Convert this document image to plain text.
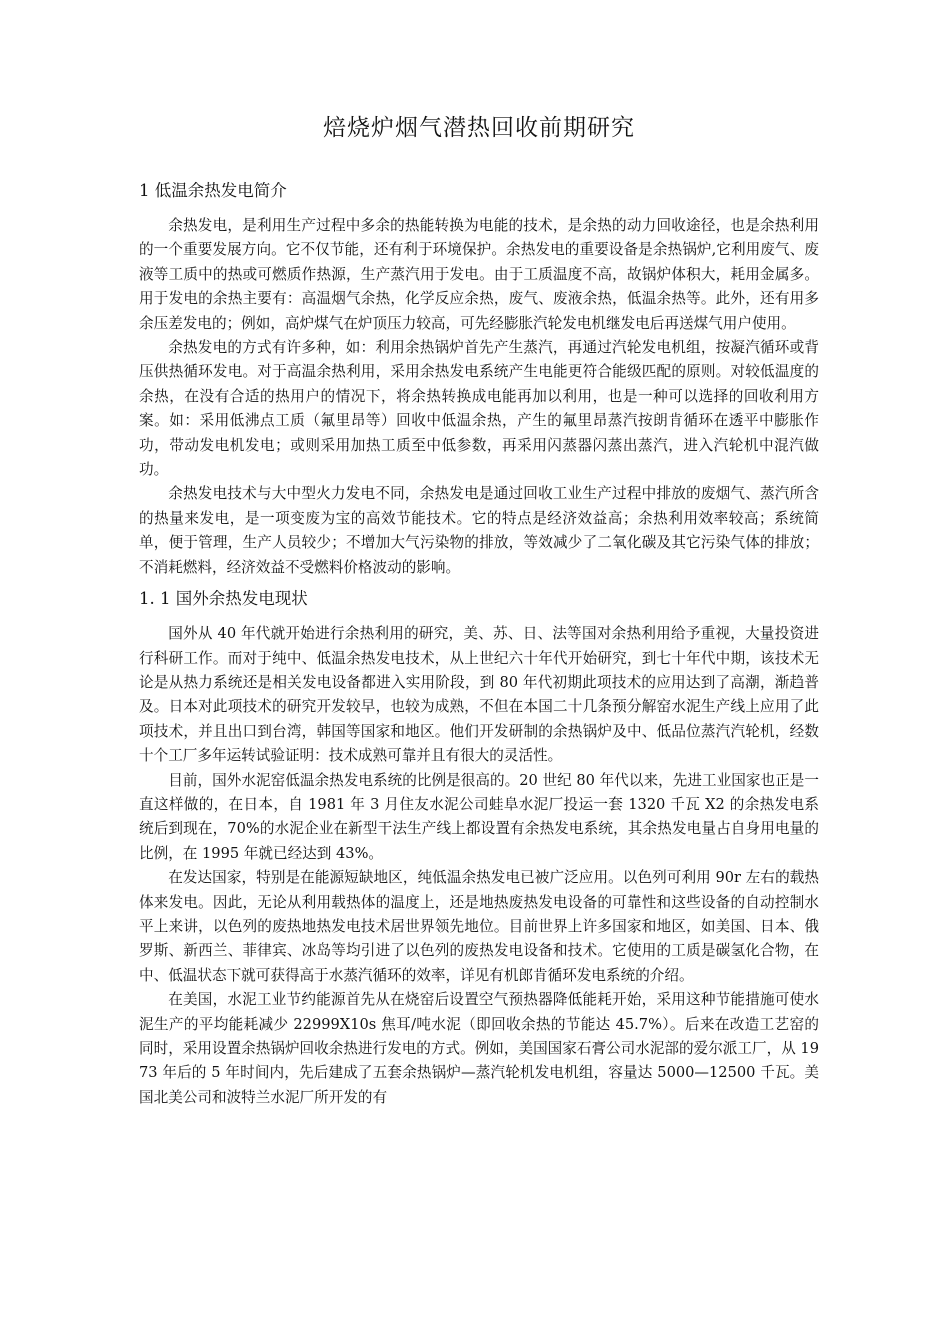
焙烧炉烟气潜热回收前期研究
1 低温余热发电简介

余热发电，是利用生产过程中多余的热能转换为电能的技术，是余热的动力回收途径，也是余热利用的一个重要发展方向。它不仅节能，还有利于环境保护。余热发电的重要设备是余热锅炉,它利用废气、废液等工质中的热或可燃质作热源，生产蒸汽用于发电。由于工质温度不高，故锅炉体积大，耗用金属多。用于发电的余热主要有：高温烟气余热，化学反应余热，废气、废液余热，低温余热等。此外，还有用多余压差发电的；例如，高炉煤气在炉顶压力较高，可先经膨胀汽轮发电机继发电后再送煤气用户使用。

余热发电的方式有许多种，如：利用余热锅炉首先产生蒸汽，再通过汽轮发电机组，按凝汽循环或背压供热循环发电。对于高温余热利用，采用余热发电系统产生电能更符合能级匹配的原则。对较低温度的余热，在没有合适的热用户的情况下，将余热转换成电能再加以利用，也是一种可以选择的回收利用方案。如：采用低沸点工质（氟里昂等）回收中低温余热，产生的氟里昂蒸汽按朗肯循环在透平中膨胀作功，带动发电机发电；或则采用加热工质至中低参数，再采用闪蒸器闪蒸出蒸汽，进入汽轮机中混汽做功。

余热发电技术与大中型火力发电不同，余热发电是通过回收工业生产过程中排放的废烟气、蒸汽所含的热量来发电，是一项变废为宝的高效节能技术。它的特点是经济效益高；余热利用效率较高；系统简单，便于管理，生产人员较少；不增加大气污染物的排放，等效减少了二氧化碳及其它污染气体的排放；不消耗燃料，经济效益不受燃料价格波动的影响。

1. 1 国外余热发电现状

国外从 40 年代就开始进行余热利用的研究，美、苏、日、法等国对余热利用给予重视，大量投资进行科研工作。而对于纯中、低温余热发电技术，从上世纪六十年代开始研究，到七十年代中期，该技术无论是从热力系统还是相关发电设备都进入实用阶段，到 80 年代初期此项技术的应用达到了高潮，渐趋普及。日本对此项技术的研究开发较早，也较为成熟，不但在本国二十几条预分解窑水泥生产线上应用了此项技术，并且出口到台湾，韩国等国家和地区。他们开发研制的余热锅炉及中、低品位蒸汽汽轮机，经数十个工厂多年运转试验证明：技术成熟可靠并且有很大的灵活性。

目前，国外水泥窑低温余热发电系统的比例是很高的。20 世纪 80 年代以来，先进工业国家也正是一直这样做的，在日本，自 1981 年 3 月住友水泥公司蛙阜水泥厂投运一套 1320 千瓦 X2 的余热发电系统后到现在，70%的水泥企业在新型干法生产线上都设置有余热发电系统，其余热发电量占自身用电量的比例，在 1995 年就已经达到 43%。

在发达国家，特别是在能源短缺地区，纯低温余热发电已被广泛应用。以色列可利用 90r 左右的载热体来发电。因此，无论从利用载热体的温度上，还是地热废热发电设备的可靠性和这些设备的自动控制水平上来讲，以色列的废热地热发电技术居世界领先地位。目前世界上许多国家和地区，如美国、日本、俄罗斯、新西兰、菲律宾、冰岛等均引进了以色列的废热发电设备和技术。它使用的工质是碳氢化合物，在中、低温状态下就可获得高于水蒸汽循环的效率，详见有机郎肯循环发电系统的介绍。

在美国，水泥工业节约能源首先从在烧窑后设置空气预热器降低能耗开始，采用这种节能措施可使水泥生产的平均能耗减少 22999X10s 焦耳/吨水泥（即回收余热的节能达 45.7%）。后来在改造工艺窑的同时，采用设置余热锅炉回收余热进行发电的方式。例如，美国国家石膏公司水泥部的爱尔派工厂，从 1973 年后的 5 年时间内，先后建成了五套余热锅炉—蒸汽轮机发电机组，容量达 5000—12500 千瓦。美国北美公司和波特兰水泥厂所开发的有
